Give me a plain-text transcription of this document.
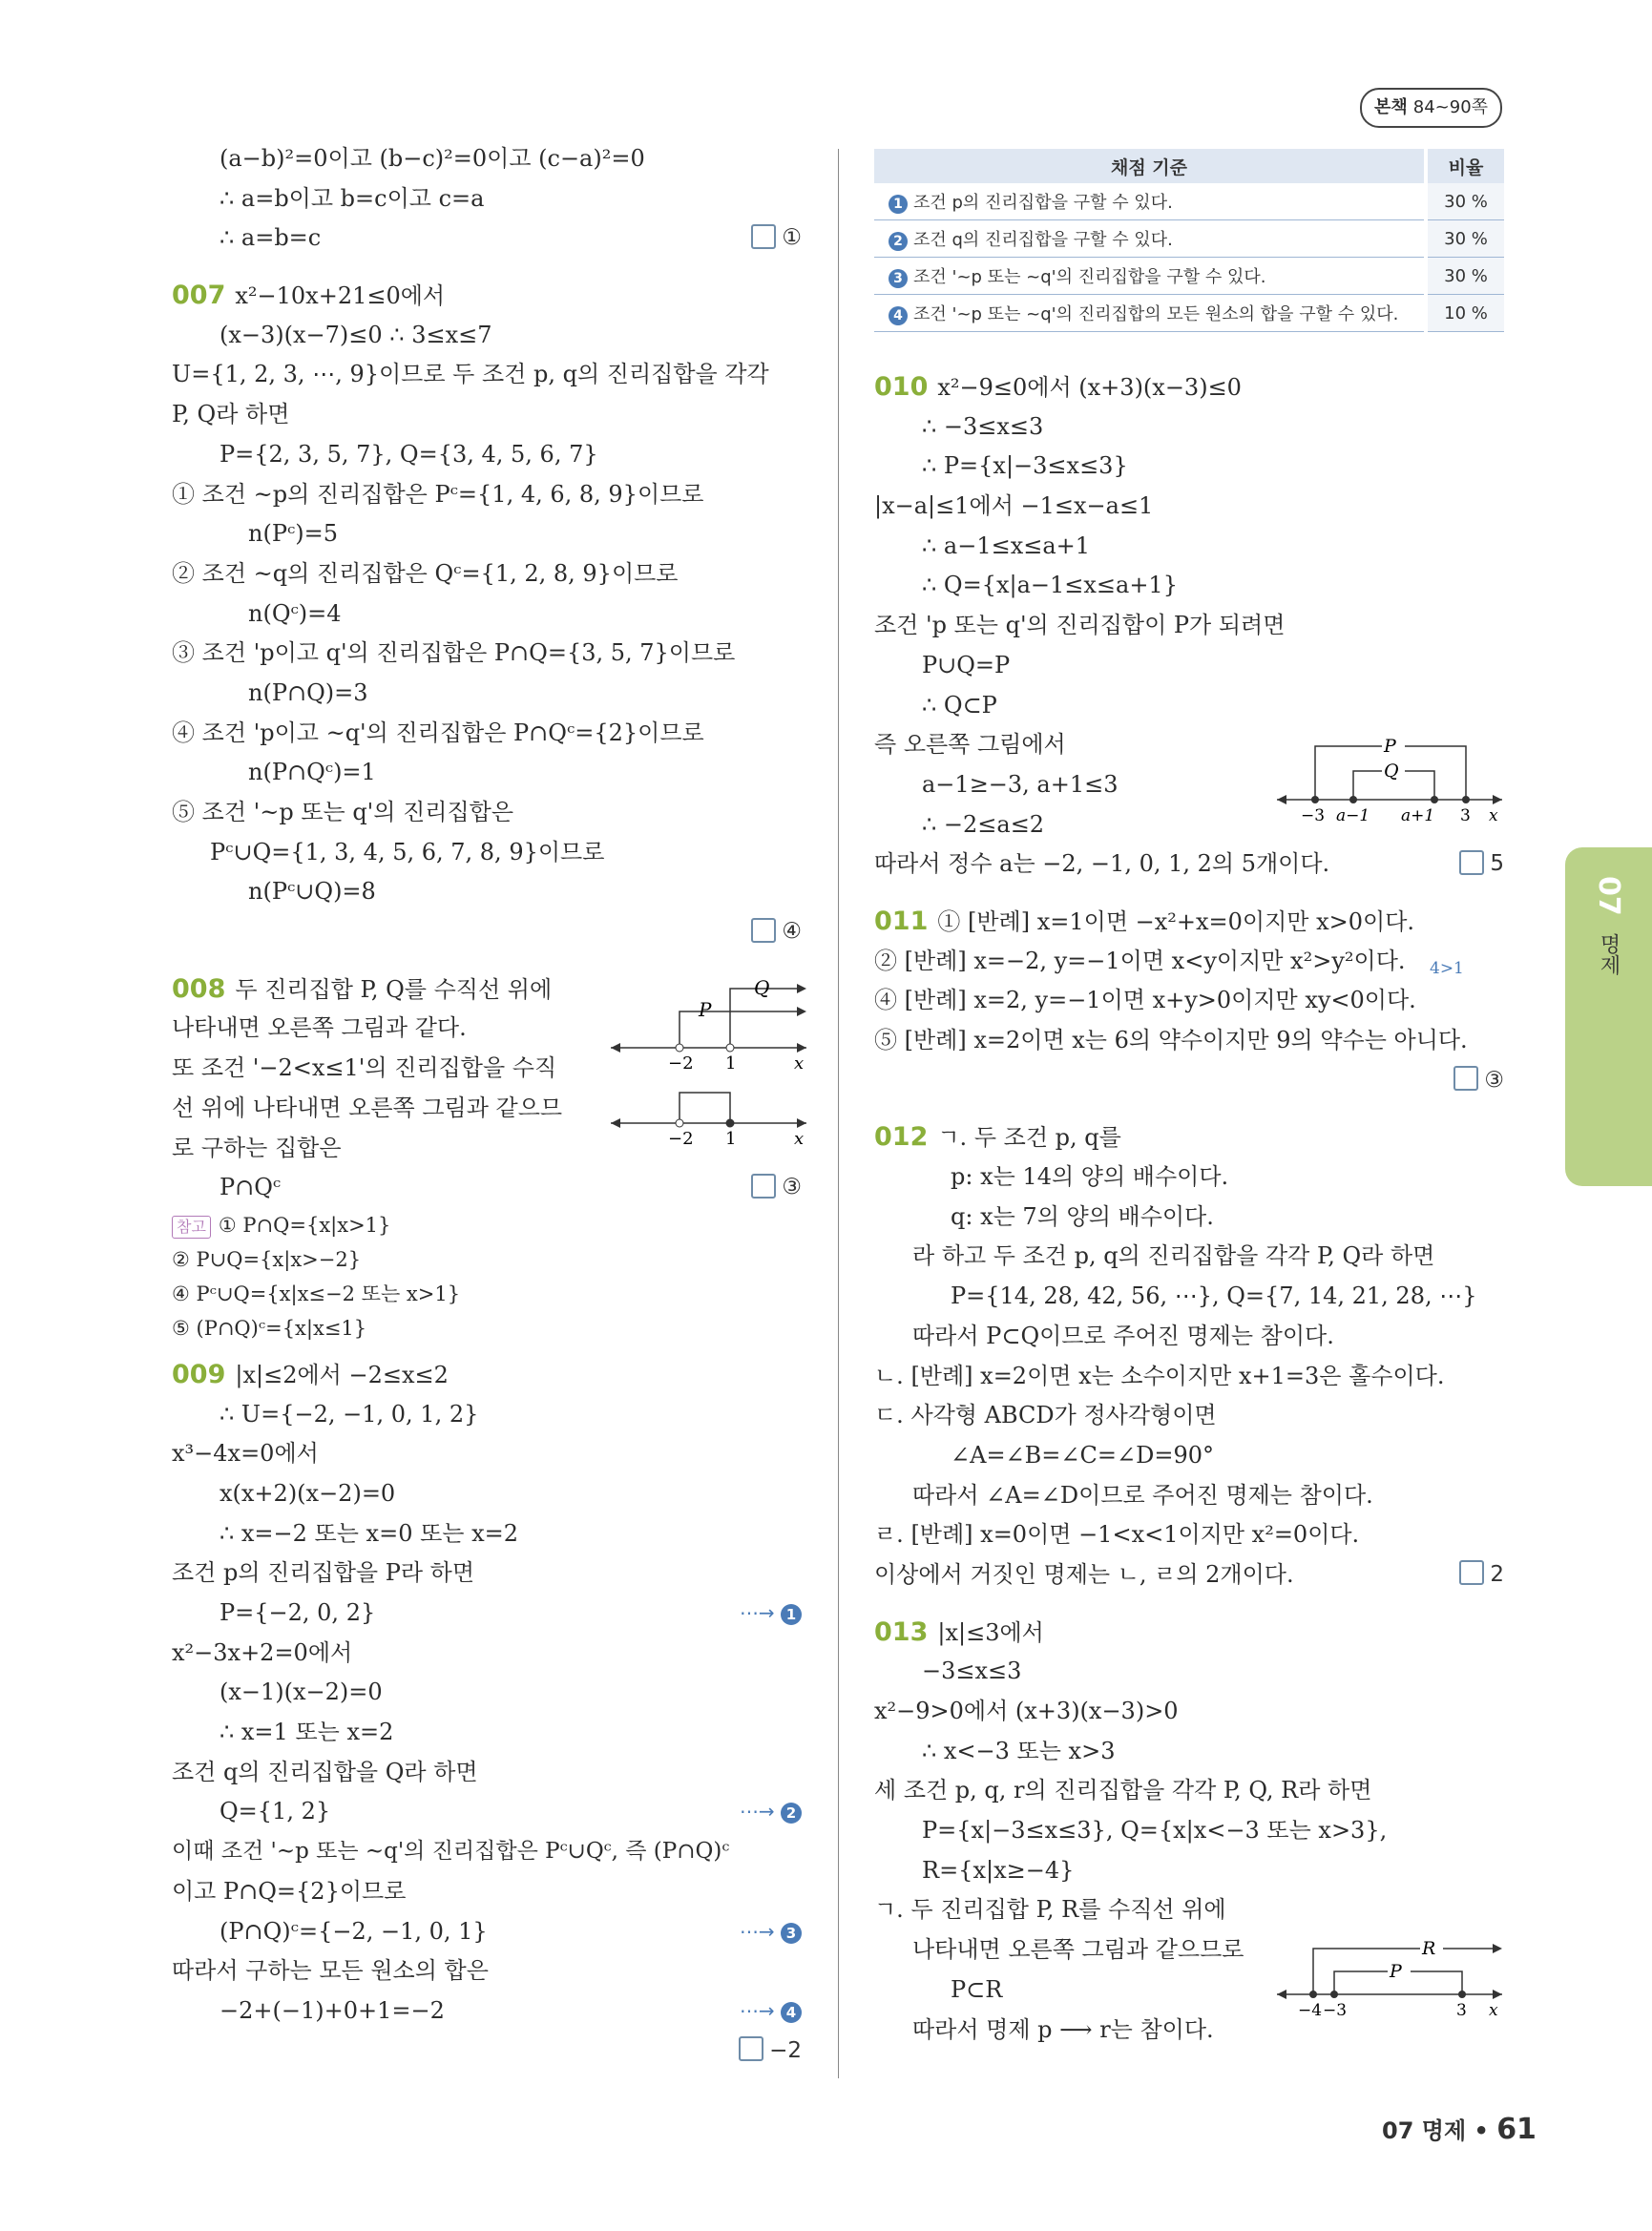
본책 84~90쪽
(a−b)²=0이고 (b−c)²=0이고 (c−a)²=0
∴ a=b이고 b=c이고 c=a
∴ a=b=c	①
007 x²−10x+21≤0에서
(x−3)(x−7)≤0 ∴ 3≤x≤7
U={1, 2, 3, ⋯, 9}이므로 두 조건 p, q의 진리집합을 각각
P, Q라 하면
P={2, 3, 5, 7}, Q={3, 4, 5, 6, 7}
① 조건 ~p의 진리집합은 Pᶜ={1, 4, 6, 8, 9}이므로
n(Pᶜ)=5
② 조건 ~q의 진리집합은 Qᶜ={1, 2, 8, 9}이므로
n(Qᶜ)=4
③ 조건 'p이고 q'의 진리집합은 P∩Q={3, 5, 7}이므로
n(P∩Q)=3
④ 조건 'p이고 ~q'의 진리집합은 P∩Qᶜ={2}이므로
n(P∩Qᶜ)=1
⑤ 조건 '~p 또는 q'의 진리집합은
Pᶜ∪Q={1, 3, 4, 5, 6, 7, 8, 9}이므로
n(Pᶜ∪Q)=8
④
008 두 진리집합 P, Q를 수직선 위에
나타내면 오른쪽 그림과 같다.
또 조건 '−2<x≤1'의 진리집합을 수직
선 위에 나타내면 오른쪽 그림과 같으므
로 구하는 집합은
P∩Qᶜ	③
참고 ① P∩Q={x|x>1}
② P∪Q={x|x>−2}
④ Pᶜ∪Q={x|x≤−2 또는 x>1}
⑤ (P∩Q)ᶜ={x|x≤1}
009 |x|≤2에서 −2≤x≤2
∴ U={−2, −1, 0, 1, 2}
x³−4x=0에서
x(x+2)(x−2)=0
∴ x=−2 또는 x=0 또는 x=2
조건 p의 진리집합을 P라 하면
P={−2, 0, 2}	⋯→ 1
x²−3x+2=0에서
(x−1)(x−2)=0
∴ x=1 또는 x=2
조건 q의 진리집합을 Q라 하면
Q={1, 2}	⋯→ 2
이때 조건 '~p 또는 ~q'의 진리집합은 Pᶜ∪Qᶜ, 즉 (P∩Q)ᶜ
이고 P∩Q={2}이므로
(P∩Q)ᶜ={−2, −1, 0, 1}	⋯→ 3
따라서 구하는 모든 원소의 합은
−2+(−1)+0+1=−2	⋯→ 4
−2
채점 기준	비율
1 조건 p의 진리집합을 구할 수 있다.	30 %
2 조건 q의 진리집합을 구할 수 있다.	30 %
3 조건 '~p 또는 ~q'의 진리집합을 구할 수 있다.	30 %
4 조건 '~p 또는 ~q'의 진리집합의 모든 원소의 합을 구할 수 있다.	10 %
010 x²−9≤0에서 (x+3)(x−3)≤0
∴ −3≤x≤3
∴ P={x|−3≤x≤3}
|x−a|≤1에서 −1≤x−a≤1
∴ a−1≤x≤a+1
∴ Q={x|a−1≤x≤a+1}
조건 'p 또는 q'의 진리집합이 P가 되려면
P∪Q=P
∴ Q⊂P
즉 오른쪽 그림에서
a−1≥−3, a+1≤3
∴ −2≤a≤2
따라서 정수 a는 −2, −1, 0, 1, 2의 5개이다.	5
011 ① [반례] x=1이면 −x²+x=0이지만 x>0이다.
② [반례] x=−2, y=−1이면 x<y이지만 x²>y²이다. 4>1
④ [반례] x=2, y=−1이면 x+y>0이지만 xy<0이다.
⑤ [반례] x=2이면 x는 6의 약수이지만 9의 약수는 아니다.
③
012 ㄱ. 두 조건 p, q를
p: x는 14의 양의 배수이다.
q: x는 7의 양의 배수이다.
라 하고 두 조건 p, q의 진리집합을 각각 P, Q라 하면
P={14, 28, 42, 56, ⋯}, Q={7, 14, 21, 28, ⋯}
따라서 P⊂Q이므로 주어진 명제는 참이다.
ㄴ. [반례] x=2이면 x는 소수이지만 x+1=3은 홀수이다.
ㄷ. 사각형 ABCD가 정사각형이면
∠A=∠B=∠C=∠D=90°
따라서 ∠A=∠D이므로 주어진 명제는 참이다.
ㄹ. [반례] x=0이면 −1<x<1이지만 x²=0이다.
이상에서 거짓인 명제는 ㄴ, ㄹ의 2개이다.	2
013 |x|≤3에서
−3≤x≤3
x²−9>0에서 (x+3)(x−3)>0
∴ x<−3 또는 x>3
세 조건 p, q, r의 진리집합을 각각 P, Q, R라 하면
P={x|−3≤x≤3}, Q={x|x<−3 또는 x>3},
R={x|x≥−4}
ㄱ. 두 진리집합 P, R를 수직선 위에
나타내면 오른쪽 그림과 같으므로
P⊂R
따라서 명제 p ⟶ r는 참이다.
P
Q
−2 1	x
−2 1	x
P
Q
−3 a−1 a+1 3 x
R
P
−4 −3	3 x
07
명제
07 명제 • 61
